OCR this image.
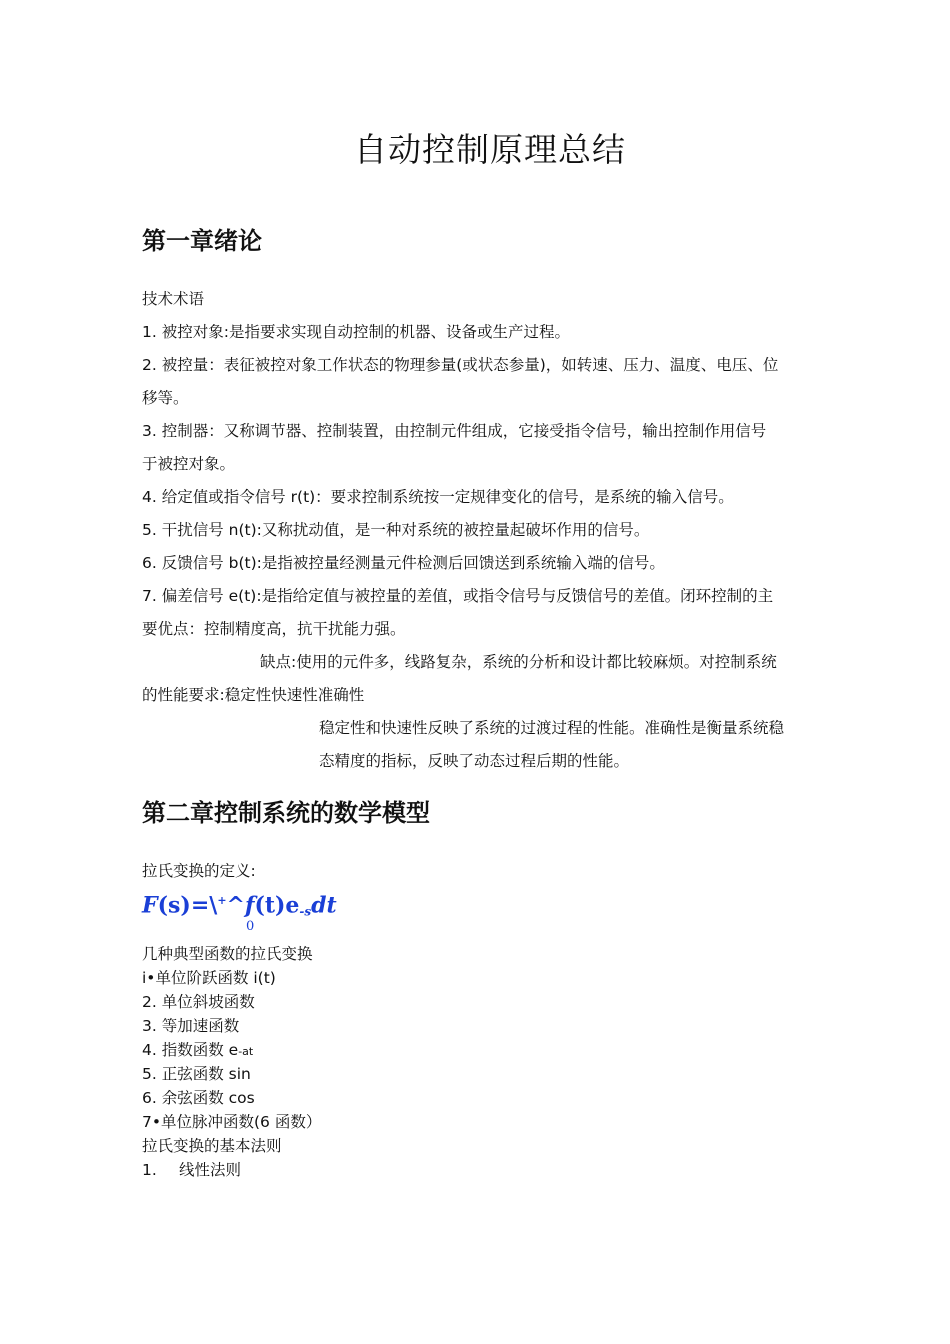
自动控制原理总结
第一章绪论
技术术语
1. 被控对象:是指要求实现自动控制的机器、设备或生产过程。
2. 被控量：表征被控对象工作状态的物理参量(或状态参量)，如转速、压力、温度、电压、位
移等。
3. 控制器：又称调节器、控制装置，由控制元件组成，它接受指令信号，输出控制作用信号
于被控对象。
4. 给定值或指令信号 r(t)：要求控制系统按一定规律变化的信号，是系统的输入信号。
5. 干扰信号 n(t):又称扰动值，是一种对系统的被控量起破坏作用的信号。
6. 反馈信号 b(t):是指被控量经测量元件检测后回馈送到系统输入端的信号。
7. 偏差信号 e(t):是指给定值与被控量的差值，或指令信号与反馈信号的差值。闭环控制的主
要优点：控制精度高，抗干扰能力强。
缺点:使用的元件多，线路复杂，系统的分析和设计都比较麻烦。对控制系统
的性能要求:稳定性快速性准确性
稳定性和快速性反映了系统的过渡过程的性能。准确性是衡量系统稳
态精度的指标，反映了动态过程后期的性能。
第二章控制系统的数学模型
拉氏变换的定义:
$F(s)=\backslash^+\^{}f(t)e_{-s}dt$
0
几种典型函数的拉氏变换
i•单位阶跃函数 i(t)
2. 单位斜坡函数
3. 等加速函数
4. 指数函数 e-at
5. 正弦函数 sin
6. 余弦函数 cos
7•单位脉冲函数(6 函数）
拉氏变换的基本法则
1. 线性法则
